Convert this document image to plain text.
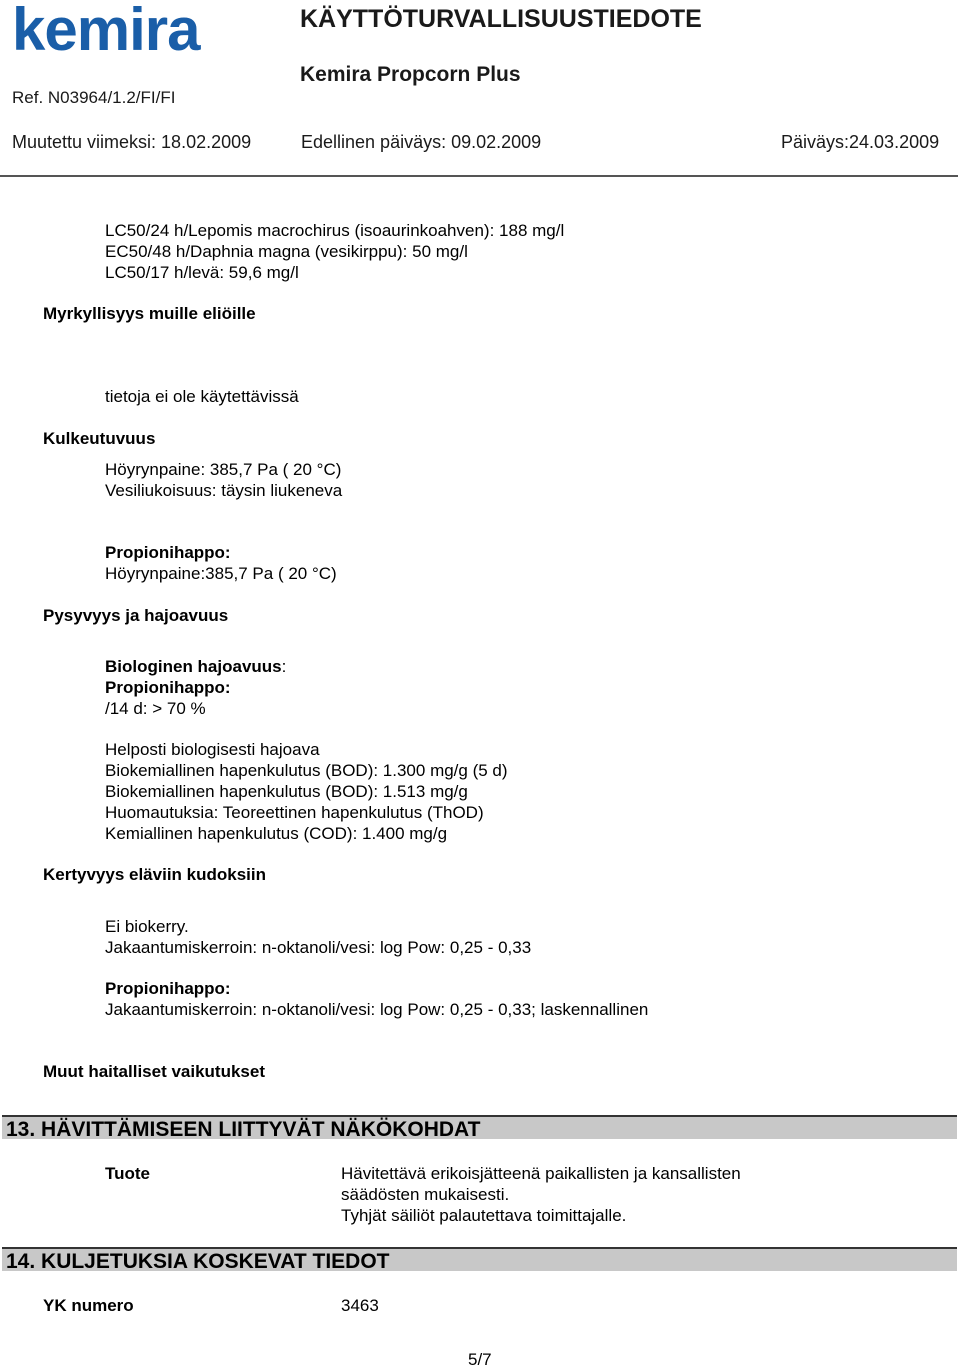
kemira	KÄYTTÖTURVALLISUUSTIEDOTE
Kemira Propcorn Plus
Ref. N03964/1.2/FI/FI
Muutettu viimeksi: 18.02.2009	Edellinen päiväys: 09.02.2009	Päiväys:24.03.2009
LC50/24 h/Lepomis macrochirus (isoaurinkoahven): 188 mg/l
EC50/48 h/Daphnia magna (vesikirppu): 50 mg/l
LC50/17 h/levä: 59,6 mg/l
Myrkyllisyys muille eliöille
tietoja ei ole käytettävissä
Kulkeutuvuus
Höyrynpaine: 385,7 Pa ( 20 °C)
Vesiliukoisuus: täysin liukeneva
Propionihappo:
Höyrynpaine:385,7 Pa ( 20 °C)
Pysyvyys ja hajoavuus
Biologinen hajoavuus:
Propionihappo:
/14 d: > 70 %
Helposti biologisesti hajoava
Biokemiallinen hapenkulutus (BOD): 1.300 mg/g (5 d)
Biokemiallinen hapenkulutus (BOD): 1.513 mg/g
Huomautuksia: Teoreettinen hapenkulutus (ThOD)
Kemiallinen hapenkulutus (COD): 1.400 mg/g
Kertyvyys eläviin kudoksiin
Ei biokerry.
Jakaantumiskerroin: n-oktanoli/vesi: log Pow: 0,25 - 0,33
Propionihappo:
Jakaantumiskerroin: n-oktanoli/vesi: log Pow: 0,25 - 0,33; laskennallinen
Muut haitalliset vaikutukset
13. HÄVITTÄMISEEN LIITTYVÄT NÄKÖKOHDAT
Tuote	Hävitettävä erikoisjätteenä paikallisten ja kansallisten
säädösten mukaisesti.
Tyhjät säiliöt palautettava toimittajalle.
14. KULJETUKSIA KOSKEVAT TIEDOT
YK numero	3463
5/7
